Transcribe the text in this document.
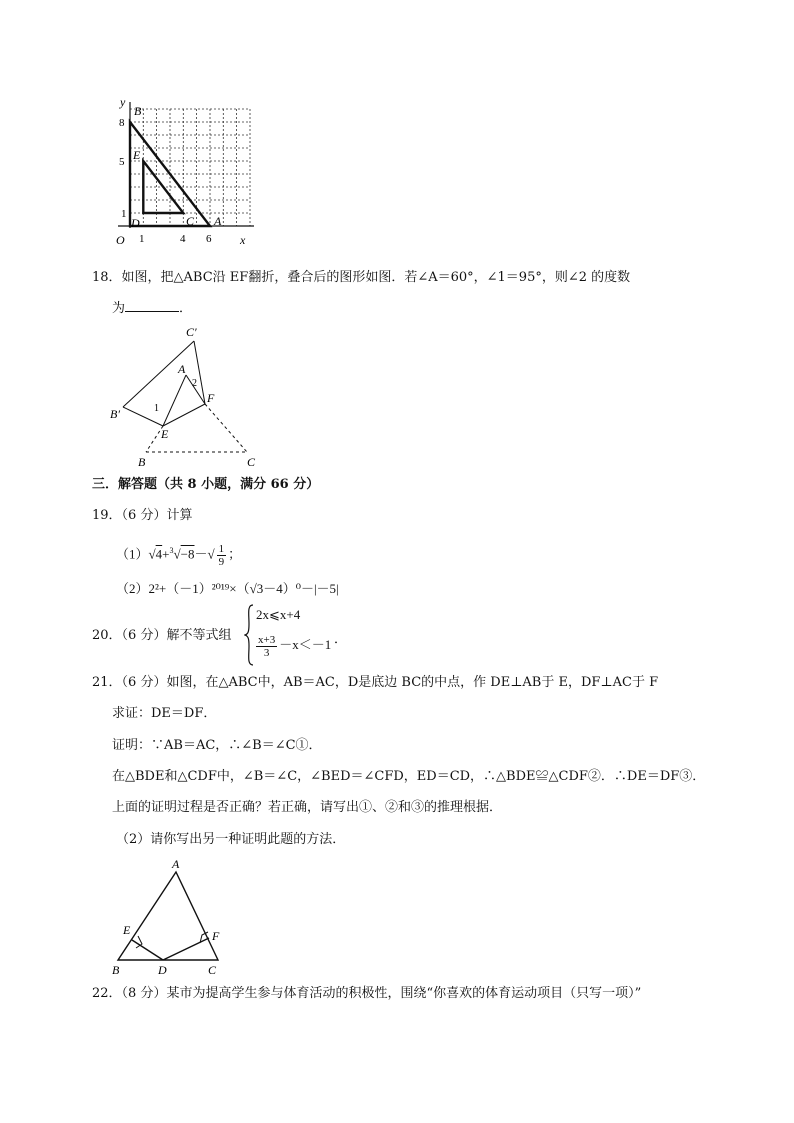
y
x
O
8
5
1
1	4 6
B
E
D	C A
18．如图，把△ABC沿 EF翻折，叠合后的图形如图．若∠A＝60°，∠1＝95°，则∠2 的度数
为	．
C′
A
2
F
B′	1
E
B	C
三．解答题（共 8 小题，满分 66 分）
19．（6 分）计算
$(1)√4+^3√-8-√ \frac{1}{9}$ ；
（2）2²+（－1）²⁰¹⁹×（√3－4）⁰－|－5|
20．（6 分）解不等式组
2x⩽x+4
$\frac{x+3}{3} -x<-1$ ．
21．（6 分）如图，在△ABC中，AB＝AC，D是底边 BC的中点，作 DE⊥AB于 E，DF⊥AC于 F
求证：DE＝DF．
证明：∵AB＝AC，∴∠B＝∠C①．
在△BDE和△CDF中，∠B＝∠C，∠BED＝∠CFD，ED＝CD，∴△BDE≌△CDF②．∴DE＝DF③．
上面的证明过程是否正确？若正确，请写出①、②和③的推理根据．
（2）请你写出另一种证明此题的方法．
A
E	F
B	D	C
22．（8 分）某市为提高学生参与体育活动的积极性，围绕“你喜欢的体育运动项目（只写一项）”
